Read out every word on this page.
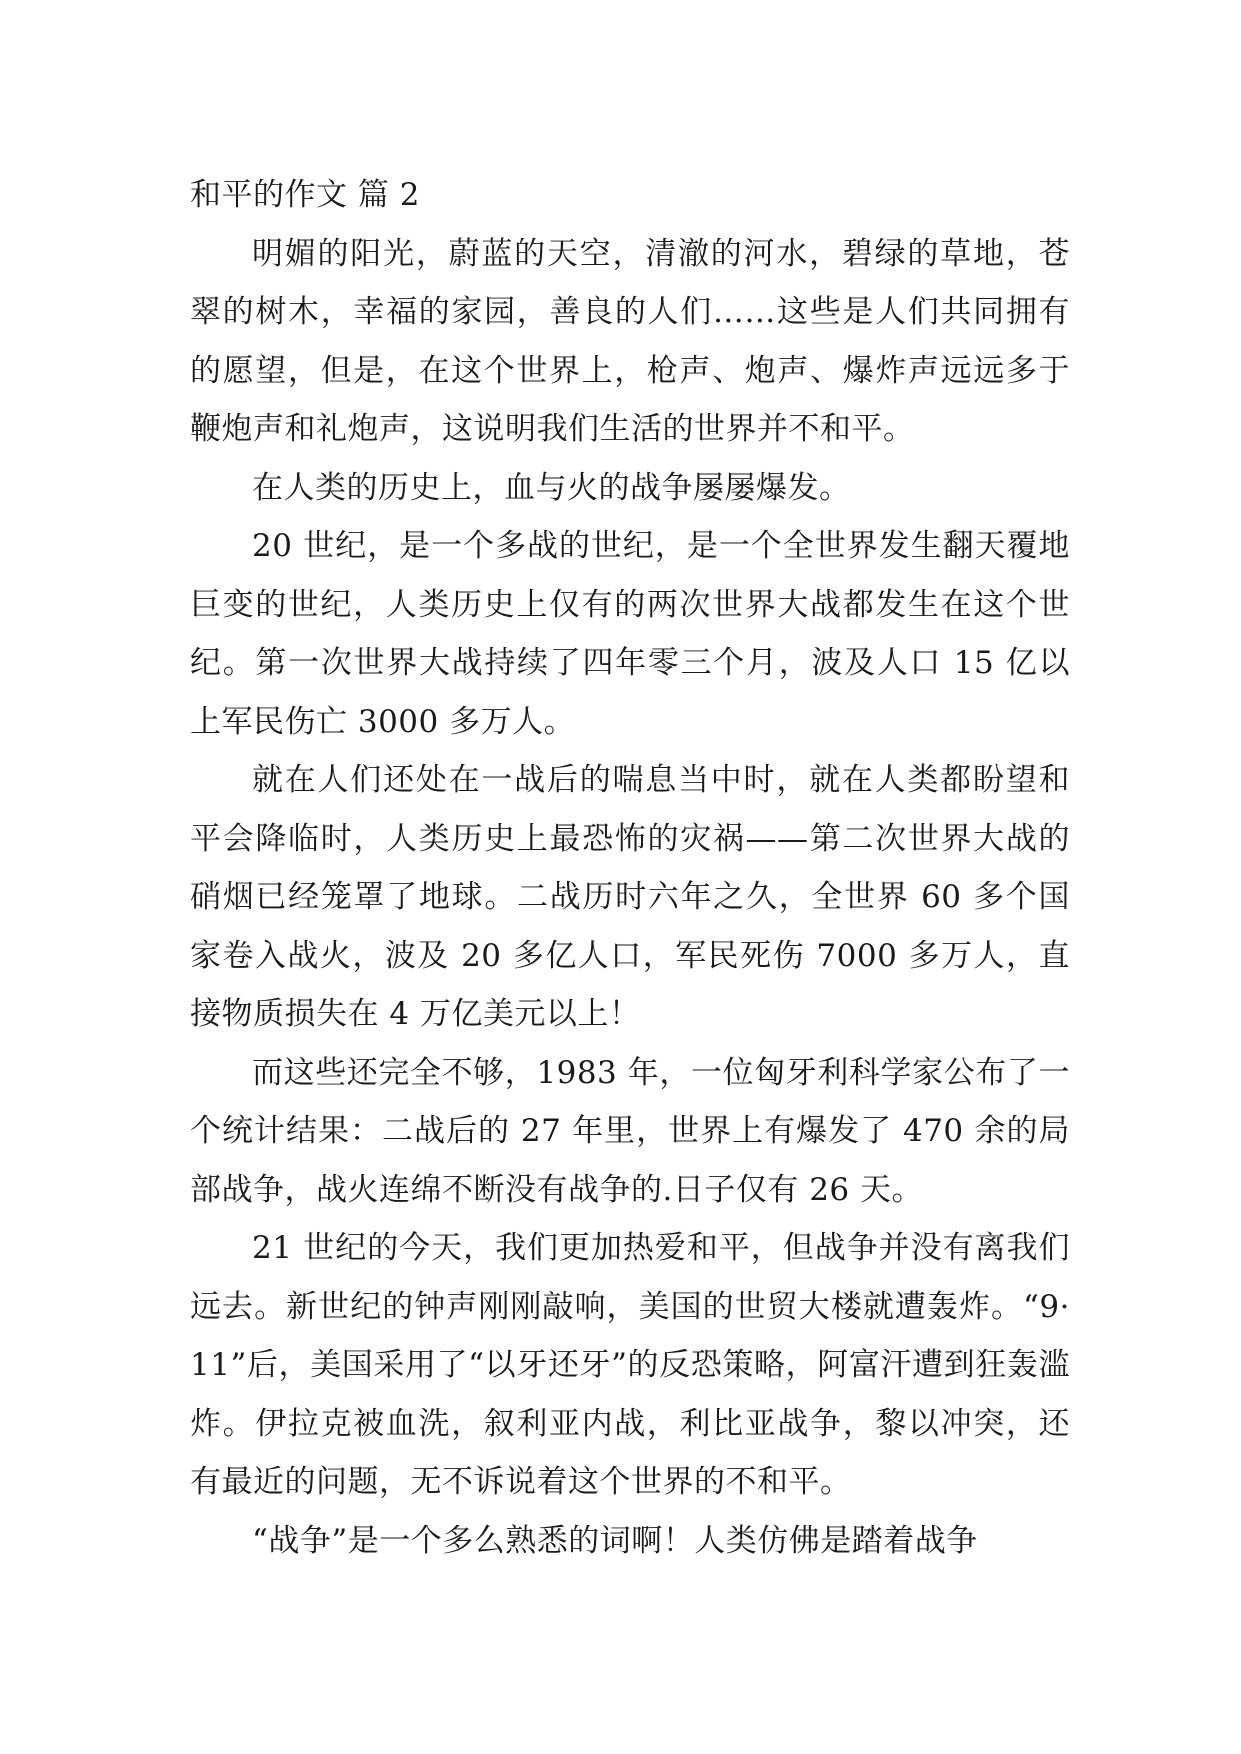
和平的作文 篇 2

明媚的阳光，蔚蓝的天空，清澈的河水，碧绿的草地，苍翠的树木，幸福的家园，善良的人们……这些是人们共同拥有的愿望，但是，在这个世界上，枪声、炮声、爆炸声远远多于鞭炮声和礼炮声，这说明我们生活的世界并不和平。

在人类的历史上，血与火的战争屡屡爆发。

20 世纪，是一个多战的世纪，是一个全世界发生翻天覆地巨变的世纪，人类历史上仅有的两次世界大战都发生在这个世纪。第一次世界大战持续了四年零三个月，波及人口 15 亿以上军民伤亡 3000 多万人。

就在人们还处在一战后的喘息当中时，就在人类都盼望和平会降临时，人类历史上最恐怖的灾祸——第二次世界大战的硝烟已经笼罩了地球。二战历时六年之久，全世界 60 多个国家卷入战火，波及 20 多亿人口，军民死伤 7000 多万人，直接物质损失在 4 万亿美元以上！

而这些还完全不够，1983 年，一位匈牙利科学家公布了一个统计结果：二战后的 27 年里，世界上有爆发了 470 余的局部战争，战火连绵不断没有战争的.日子仅有 26 天。

21 世纪的今天，我们更加热爱和平，但战争并没有离我们远去。新世纪的钟声刚刚敲响，美国的世贸大楼就遭轰炸。“9·11”后，美国采用了“以牙还牙”的反恐策略，阿富汗遭到狂轰滥炸。伊拉克被血洗，叙利亚内战，利比亚战争，黎以冲突，还有最近的问题，无不诉说着这个世界的不和平。

“战争”是一个多么熟悉的词啊！人类仿佛是踏着战争
